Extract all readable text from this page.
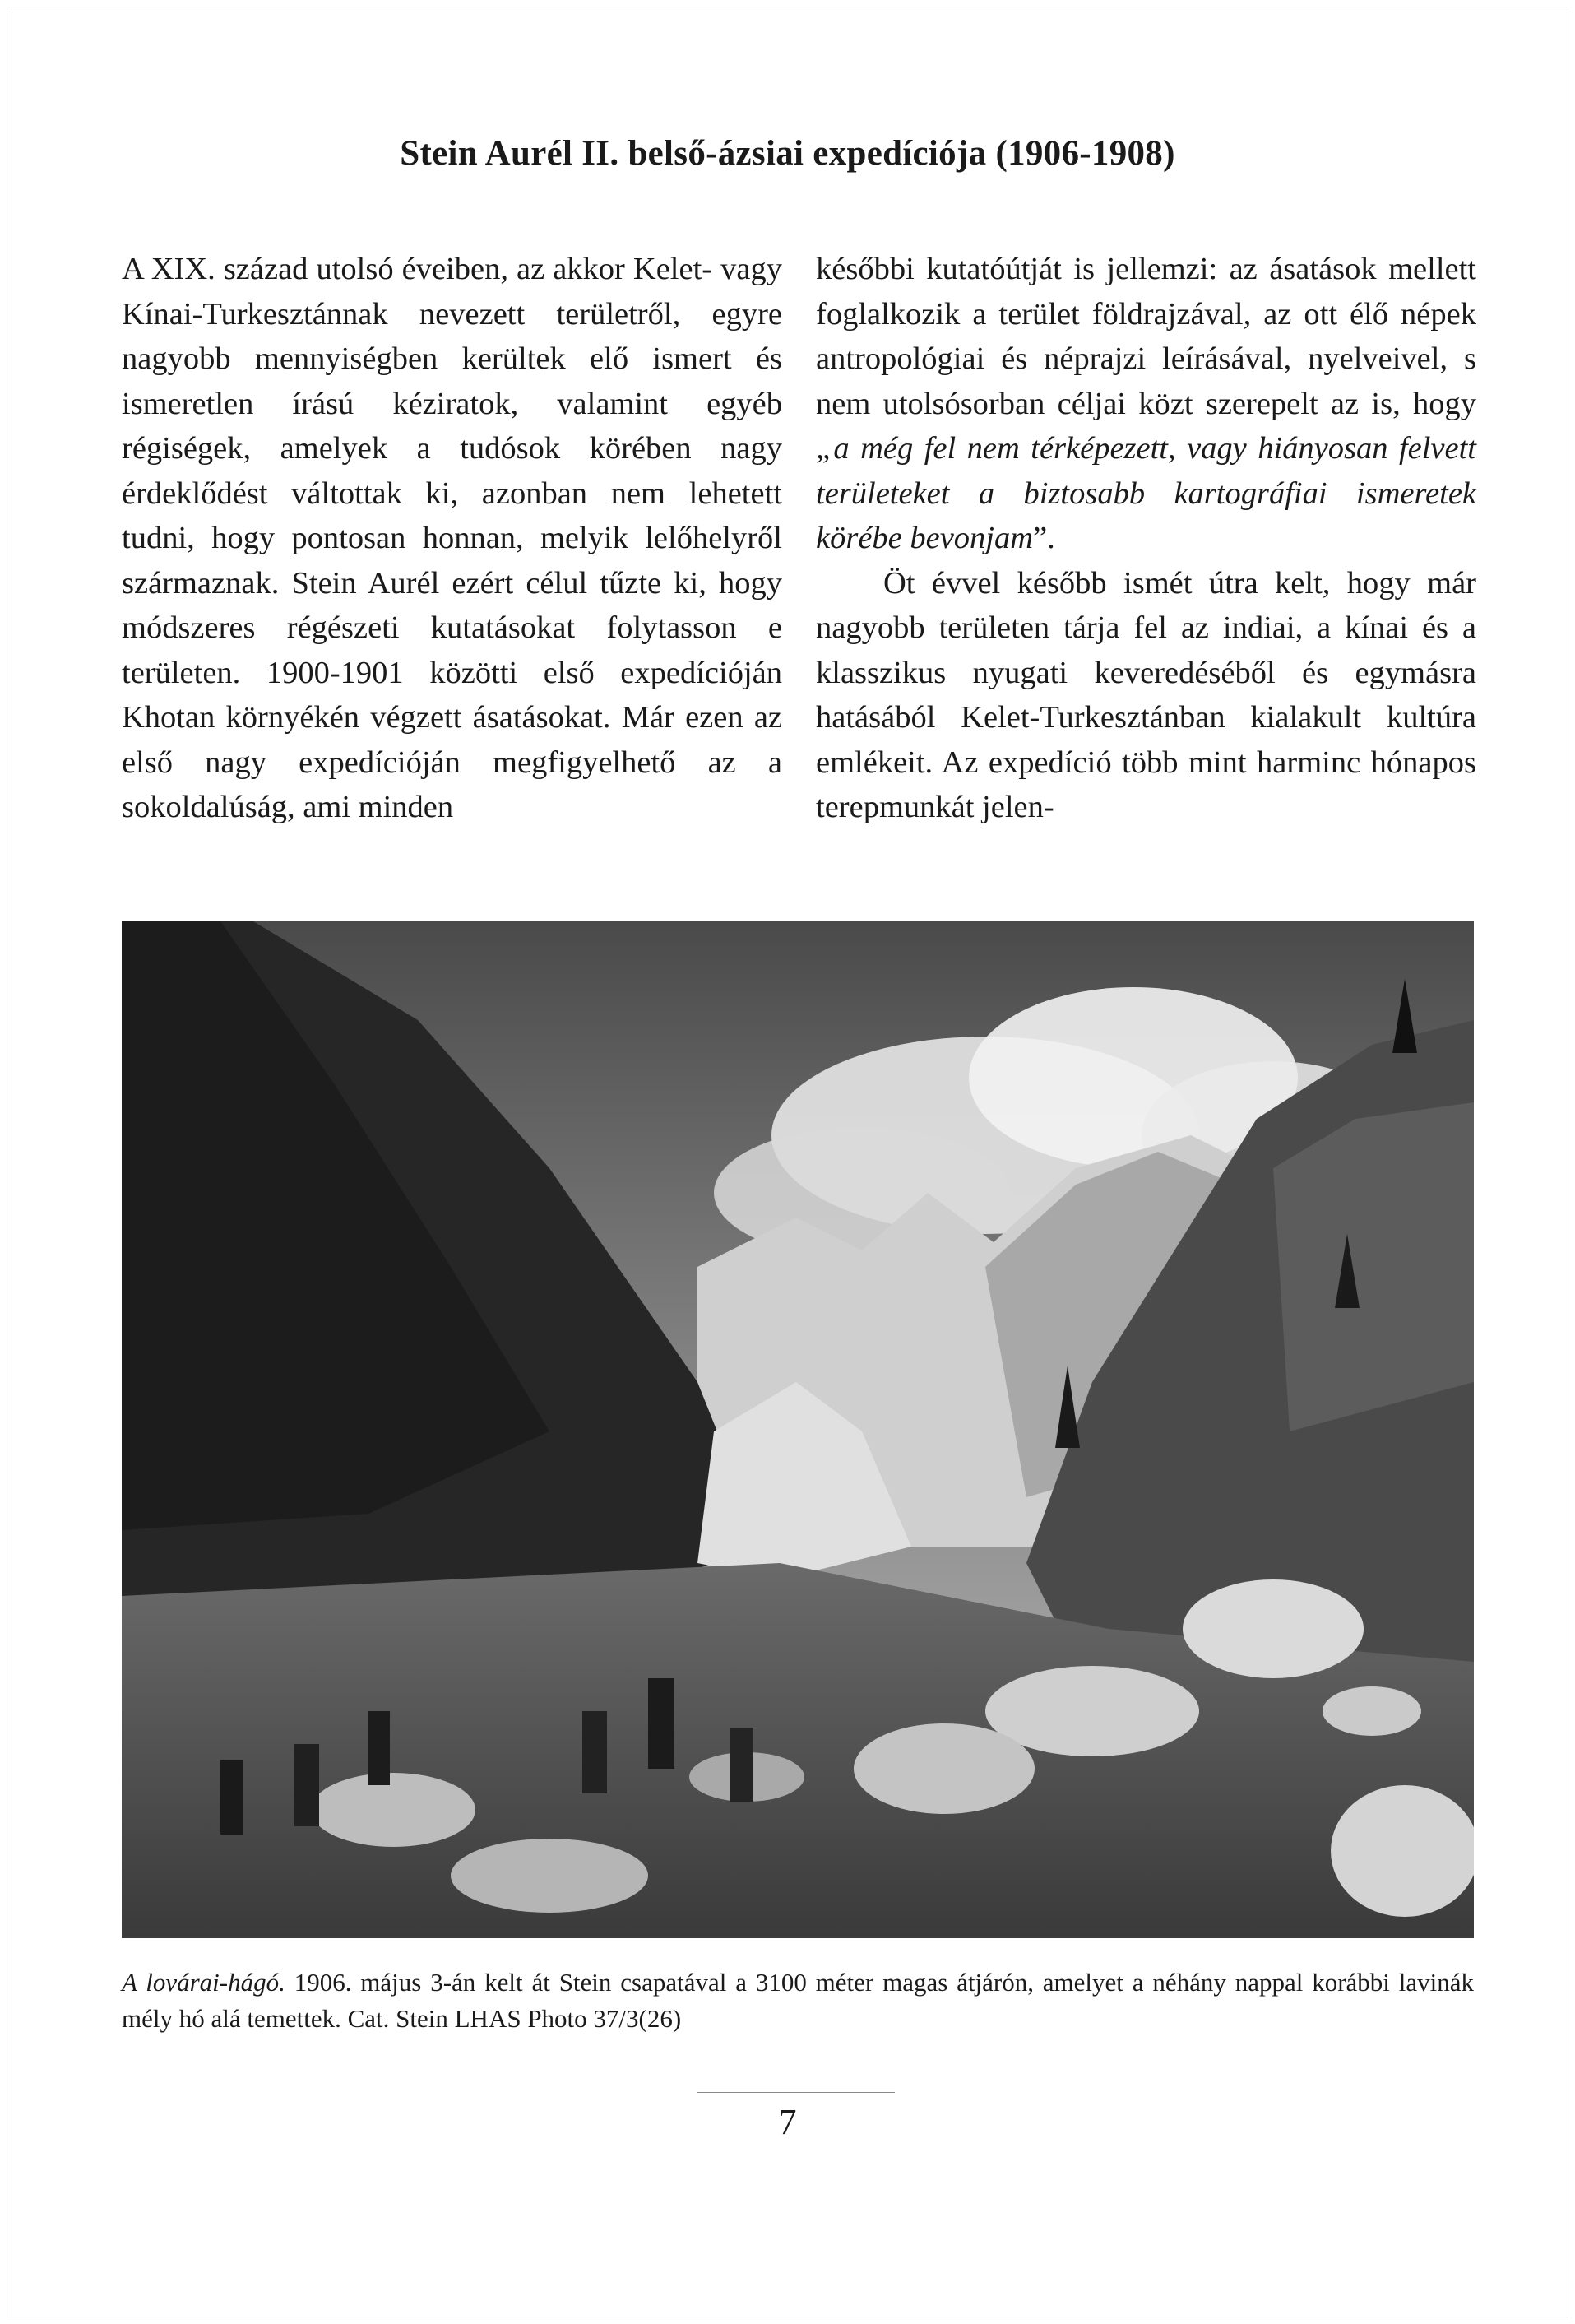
Stein Aurél II. belső-ázsiai expedíciója (1906-1908)

A XIX. század utolsó éveiben, az akkor Kelet- vagy Kínai-Turkesztánnak nevezett területről, egyre nagyobb mennyiségben kerültek elő ismert és ismeretlen írású kéziratok, valamint egyéb régiségek, amelyek a tudósok körében nagy érdeklődést váltottak ki, azonban nem lehetett tudni, hogy pontosan honnan, melyik lelőhelyről származnak. Stein Aurél ezért célul tűzte ki, hogy módszeres régészeti kutatásokat folytasson e területen. 1900-1901 közötti első expedícióján Khotan környékén végzett ásatásokat. Már ezen az első nagy expedícióján megfigyelhető az a sokoldalúság, ami minden

későbbi kutatóútját is jellemzi: az ásatások mellett foglalkozik a terület földrajzával, az ott élő népek antropológiai és néprajzi leírásával, nyelveivel, s nem utolsósorban céljai közt szerepelt az is, hogy „a még fel nem térképezett, vagy hiányosan felvett területeket a biztosabb kartográfiai ismeretek körébe bevonjam”.

Öt évvel később ismét útra kelt, hogy már nagyobb területen tárja fel az indiai, a kínai és a klasszikus nyugati keveredéséből és egymásra hatásából Kelet-Turkesztánban kialakult kultúra emlékeit. Az expedíció több mint harminc hónapos terepmunkát jelen-

A lovárai-hágó. 1906. május 3-án kelt át Stein csapatával a 3100 méter magas átjárón, amelyet a néhány nappal korábbi lavinák mély hó alá temettek. Cat. Stein LHAS Photo 37/3(26)
7
